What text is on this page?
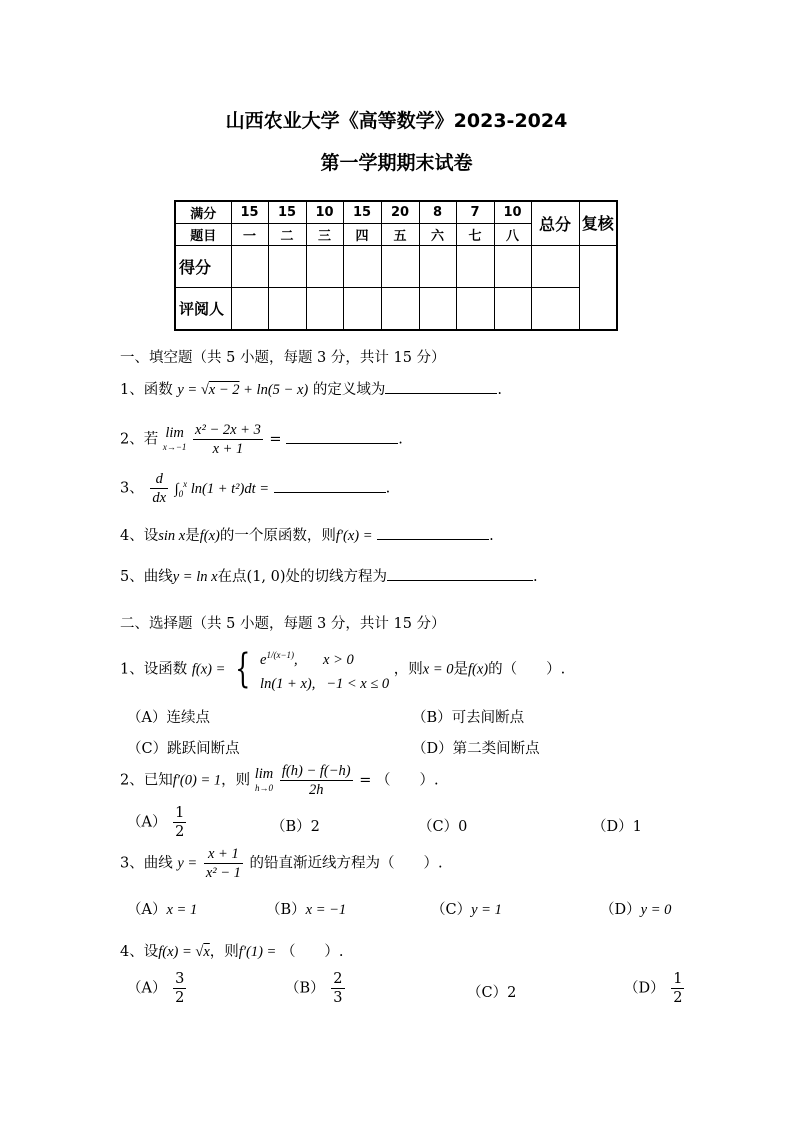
山西农业大学《高等数学》2023-2024
第一学期期末试卷
满分	15	15	10	15	20	8	7	10	总分	复核
题目	一	二	三	四	五	六	七	八		
得分										
评阅人										
一、填空题（共 5 小题，每题 3 分，共计 15 分）
1、函数 y = √x − 2 + ln(5 − x) 的定义域为	.
2、若 lim
x→−1
$\frac{\text{x² − 2x + 3}}{x + 1}$ =	.
3、 $\frac{d}{dx} \int_0^x$ ln(1 + t²)dt =	.
4、设sin x是f(x)的一个原函数，则f′(x) =	.
5、曲线y = ln x在点(1, 0)处的切线方程为	.
二、选择题（共 5 小题，每题 3 分，共计 15 分）
1、设函数 f(x) = { $e^{1/(x-1)}$,       x > 0
ln(1 + x),   −1 < x ≤ 0
，则x = 0是f(x)的（　　）.
（A）连续点	（B）可去间断点
（C）跳跃间断点	（D）第二类间断点
2、已知f′(0) = 1，则 lim
h→0
$\frac{f(h) - f(-h)}{2h}$ = （　　）.
$(A) \frac{1}{2}$	（B）2	（C）0	（D）1
3、曲线 $y = \frac{x + 1}{\text{x² − 1}}$ 的铅直渐近线方程为（　　）.
（A）x = 1	（B）x = −1	（C）y = 1	（D）y = 0
4、设f(x) = √x，则f′(1) = （　　）.
$(A) \frac{3}{2}$	$(B) \frac{2}{3}$	（C）2	$(D) \frac{1}{2}$
